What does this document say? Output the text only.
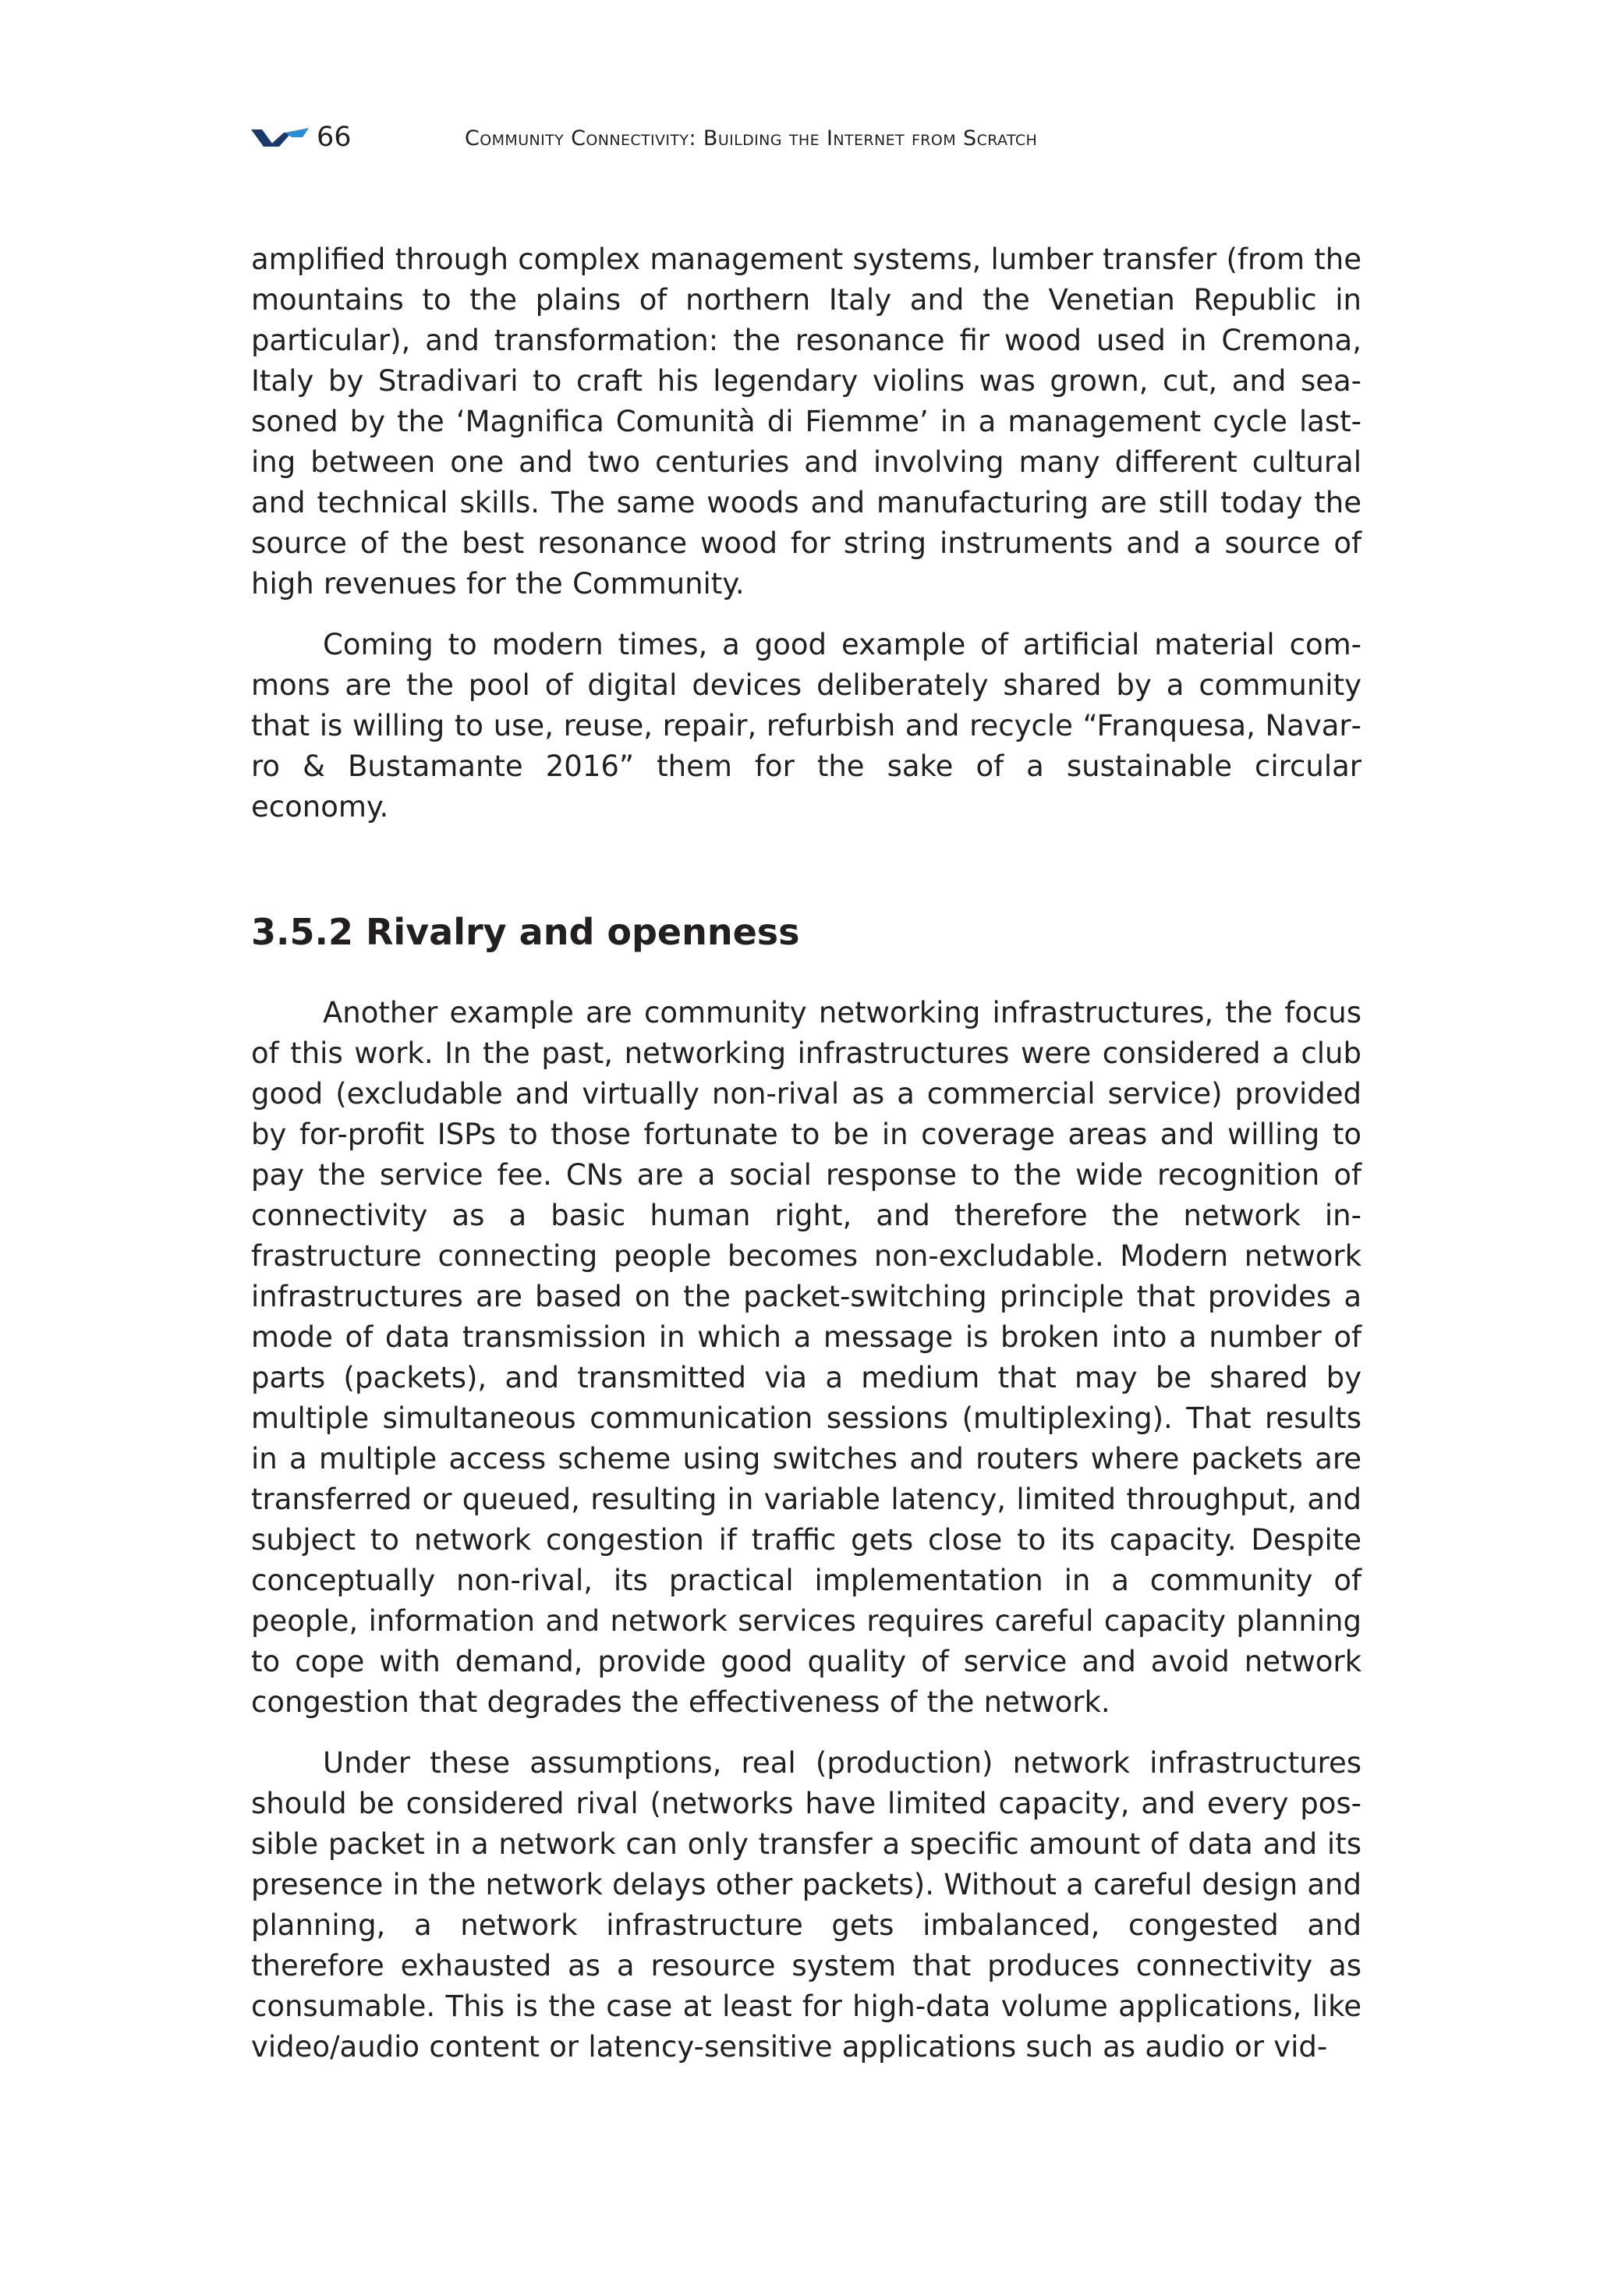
66	Community Connectivity: Building the Internet from Scratch

amplified through complex management systems, lumber transfer (from the mountains to the plains of northern Italy and the Venetian Republic in particular), and transformation: the resonance fir wood used in Cremona, Italy by Stradivari to craft his legendary violins was grown, cut, and seasoned by the ‘Magnifica Comunità di Fiemme’ in a management cycle lasting between one and two centuries and involving many different cultural and technical skills. The same woods and manufacturing are still today the source of the best resonance wood for string instruments and a source of high revenues for the Community.

Coming to modern times, a good example of artificial material commons are the pool of digital devices deliberately shared by a community that is willing to use, reuse, repair, refurbish and recycle “Franquesa, Navarro & Bustamante 2016” them for the sake of a sustainable circular economy.

3.5.2 Rivalry and openness

Another example are community networking infrastructures, the focus of this work. In the past, networking infrastructures were considered a club good (excludable and virtually non-rival as a commercial service) provided by for-profit ISPs to those fortunate to be in coverage areas and willing to pay the service fee. CNs are a social response to the wide recognition of connectivity as a basic human right, and therefore the network infrastructure connecting people becomes non-excludable. Modern network infrastructures are based on the packet-switching principle that provides a mode of data transmission in which a message is broken into a number of parts (packets), and transmitted via a medium that may be shared by multiple simultaneous communication sessions (multiplexing). That results in a multiple access scheme using switches and routers where packets are transferred or queued, resulting in variable latency, limited throughput, and subject to network congestion if traffic gets close to its capacity. Despite conceptually non-rival, its practical implementation in a community of people, information and network services requires careful capacity planning to cope with demand, provide good quality of service and avoid network congestion that degrades the effectiveness of the network.

Under these assumptions, real (production) network infrastructures should be considered rival (networks have limited capacity, and every possible packet in a network can only transfer a specific amount of data and its presence in the network delays other packets). Without a careful design and planning, a network infrastructure gets imbalanced, congested and therefore exhausted as a resource system that produces connectivity as consumable. This is the case at least for high-data volume applications, like video/audio content or latency-sensitive applications such as audio or vid-
